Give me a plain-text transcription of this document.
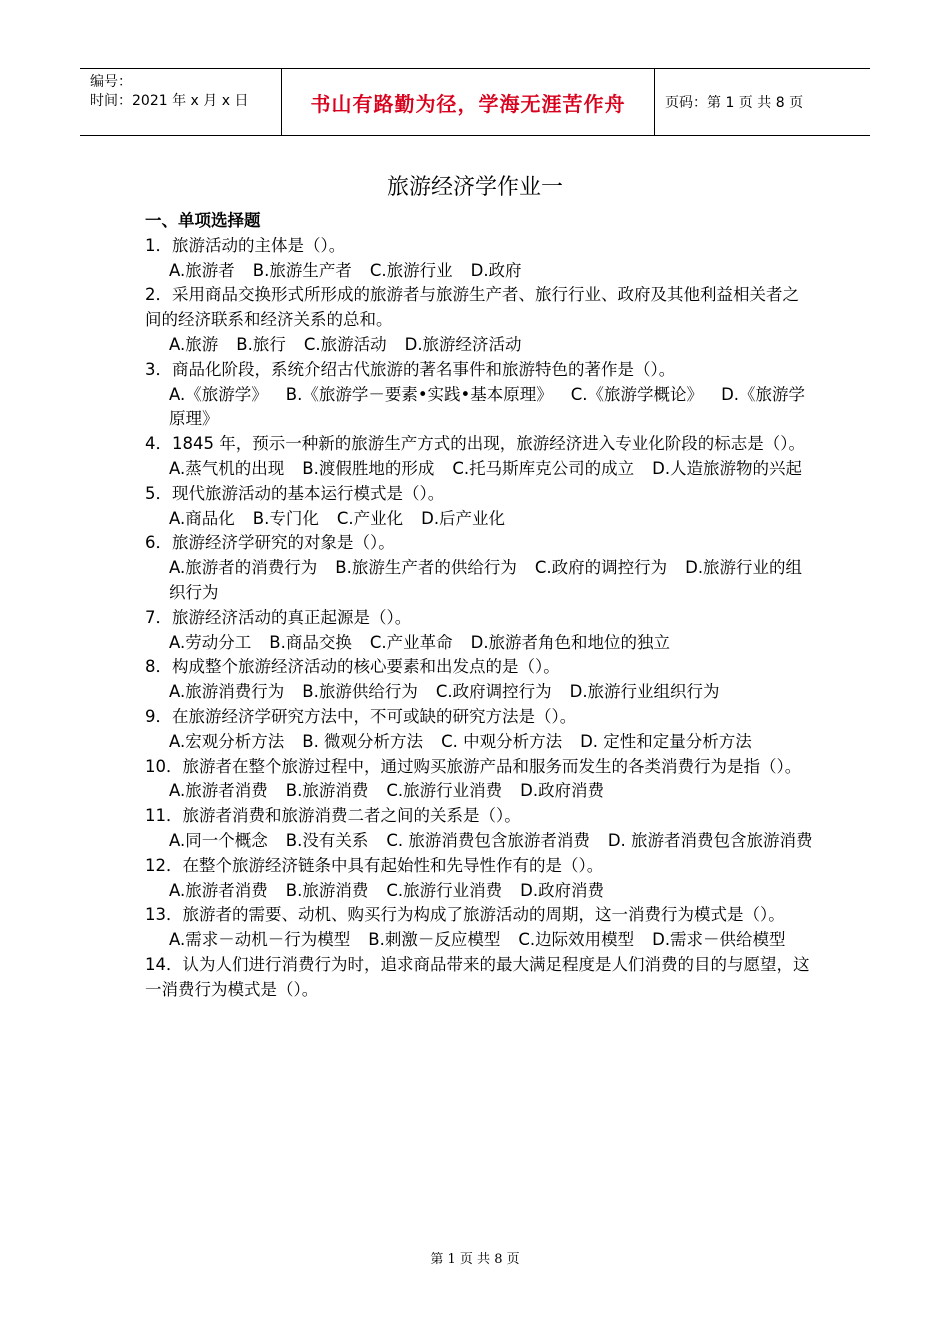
编号：
时间：2021 年 x 月 x 日	书山有路勤为径，学海无涯苦作舟	页码：第 1 页 共 8 页
旅游经济学作业一
一、单项选择题
1．旅游活动的主体是（）。
A.旅游者 B.旅游生产者 C.旅游行业 D.政府
2．采用商品交换形式所形成的旅游者与旅游生产者、旅行行业、政府及其他利益相关者之间的经济联系和经济关系的总和。
A.旅游 B.旅行 C.旅游活动 D.旅游经济活动
3．商品化阶段，系统介绍古代旅游的著名事件和旅游特色的著作是（）。
A.《旅游学》 B.《旅游学－要素•实践•基本原理》 C.《旅游学概论》 D.《旅游学原理》
4．1845 年，预示一种新的旅游生产方式的出现，旅游经济进入专业化阶段的标志是（）。
A.蒸气机的出现 B.渡假胜地的形成 C.托马斯库克公司的成立 D.人造旅游物的兴起
5．现代旅游活动的基本运行模式是（）。
A.商品化 B.专门化 C.产业化 D.后产业化
6．旅游经济学研究的对象是（）。
A.旅游者的消费行为 B.旅游生产者的供给行为 C.政府的调控行为 D.旅游行业的组织行为
7．旅游经济活动的真正起源是（）。
A.劳动分工 B.商品交换 C.产业革命 D.旅游者角色和地位的独立
8．构成整个旅游经济活动的核心要素和出发点的是（）。
A.旅游消费行为 B.旅游供给行为 C.政府调控行为 D.旅游行业组织行为
9．在旅游经济学研究方法中，不可或缺的研究方法是（）。
A.宏观分析方法 B. 微观分析方法 C. 中观分析方法 D. 定性和定量分析方法
10．旅游者在整个旅游过程中，通过购买旅游产品和服务而发生的各类消费行为是指（）。
A.旅游者消费 B.旅游消费 C.旅游行业消费 D.政府消费
11．旅游者消费和旅游消费二者之间的关系是（）。
A.同一个概念 B.没有关系 C. 旅游消费包含旅游者消费 D. 旅游者消费包含旅游消费
12．在整个旅游经济链条中具有起始性和先导性作有的是（）。
A.旅游者消费 B.旅游消费 C.旅游行业消费 D.政府消费
13．旅游者的需要、动机、购买行为构成了旅游活动的周期，这一消费行为模式是（）。
A.需求－动机－行为模型 B.刺激－反应模型 C.边际效用模型 D.需求－供给模型
14．认为人们进行消费行为时，追求商品带来的最大满足程度是人们消费的目的与愿望，这一消费行为模式是（）。
第 1 页 共 8 页
